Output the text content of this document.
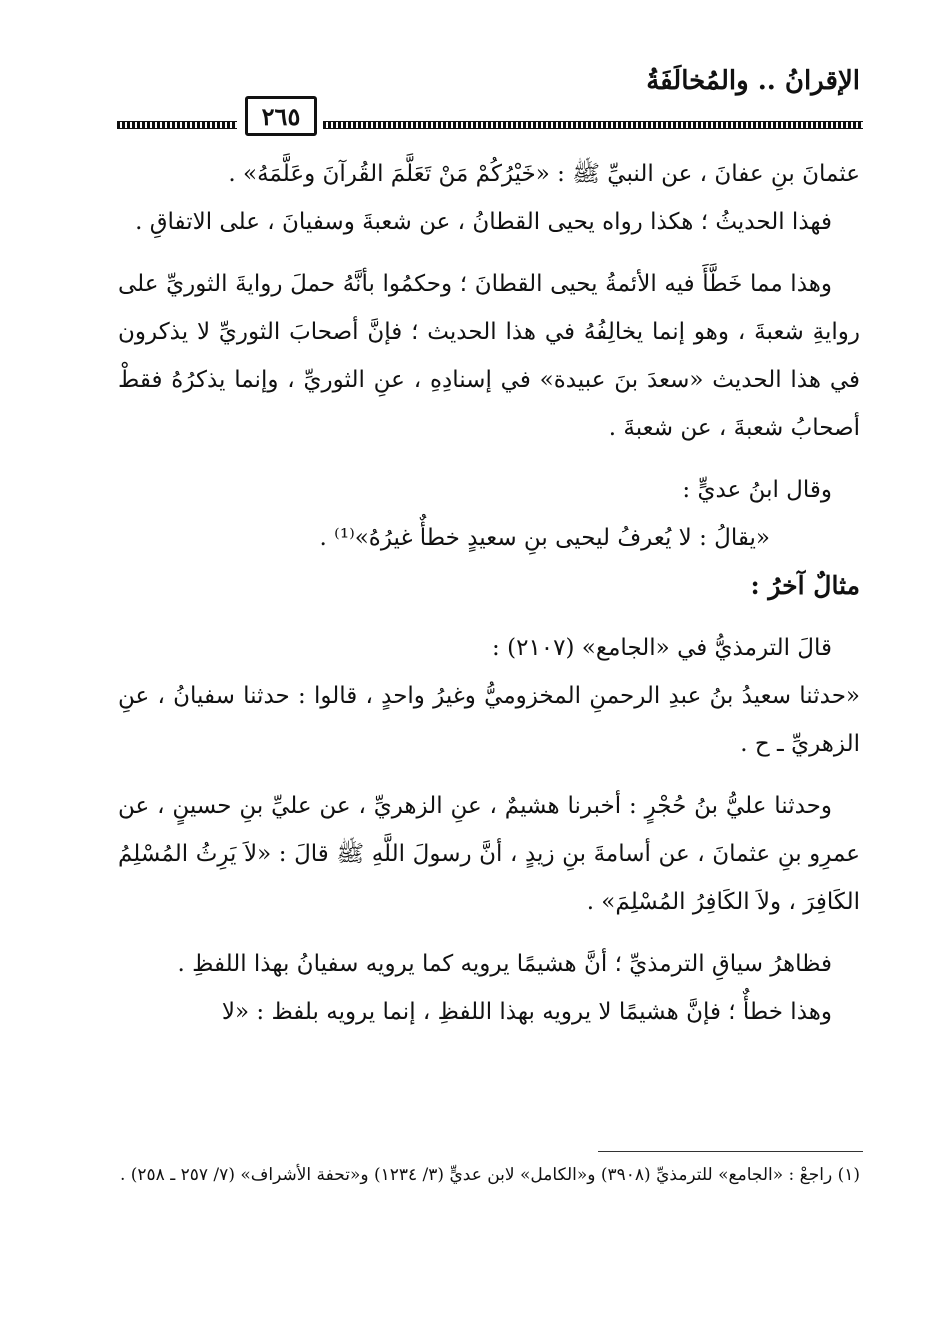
الإقرانُ .. والمُخالَفَةُ
٢٦٥

عثمانَ بنِ عفانَ ، عن النبيِّ ﷺ : «خَيْرُكُمْ مَنْ تَعَلَّمَ القُرآنَ وعَلَّمَهُ» .

فهذا الحديثُ ؛ هكذا رواه يحيى القطانُ ، عن شعبةَ وسفيانَ ، على الاتفاقِ .

وهذا مما خَطَّأَ فيه الأئمةُ يحيى القطانَ ؛ وحكمُوا بأنَّهُ حملَ روايةَ الثوريِّ على روايةِ شعبةَ ، وهو إنما يخالِفُهُ في هذا الحديث ؛ فإنَّ أصحابَ الثوريِّ لا يذكرون في هذا الحديث «سعدَ بنَ عبيدة» في إسنادِهِ ، عنِ الثوريِّ ، وإنما يذكرُهُ فقطْ أصحابُ شعبةَ ، عن شعبةَ .

وقال ابنُ عديٍّ :

«يقالُ : لا يُعرفُ ليحيى بنِ سعيدٍ خطأٌ غيرُهُ»⁽¹⁾ .

مثالٌ آخرُ :

قالَ الترمذيُّ في «الجامع» (٢١٠٧) :

«حدثنا سعيدُ بنُ عبدِ الرحمنِ المخزوميُّ وغيرُ واحدٍ ، قالوا : حدثنا سفيانُ ، عنِ الزهريِّ ـ ح .

وحدثنا عليُّ بنُ حُجْرٍ : أخبرنا هشيمٌ ، عنِ الزهريِّ ، عن عليِّ بنِ حسينٍ ، عن عمرِو بنِ عثمانَ ، عن أسامةَ بنِ زيدٍ ، أنَّ رسولَ اللَّهِ ﷺ قالَ : «لاَ يَرِثُ المُسْلِمُ الكَافِرَ ، ولاَ الكَافِرُ المُسْلِمَ» .

فظاهرُ سياقِ الترمذيِّ ؛ أنَّ هشيمًا يرويه كما يرويه سفيانُ بهذا اللفظِ .

وهذا خطأٌ ؛ فإنَّ هشيمًا لا يرويه بهذا اللفظِ ، إنما يرويه بلفظ : «لا

(١) راجعْ : «الجامع» للترمذيِّ (٣٩٠٨) و«الكامل» لابن عديٍّ (٣/ ١٢٣٤) و«تحفة الأشراف» (٧/ ٢٥٧ ـ ٢٥٨) .
